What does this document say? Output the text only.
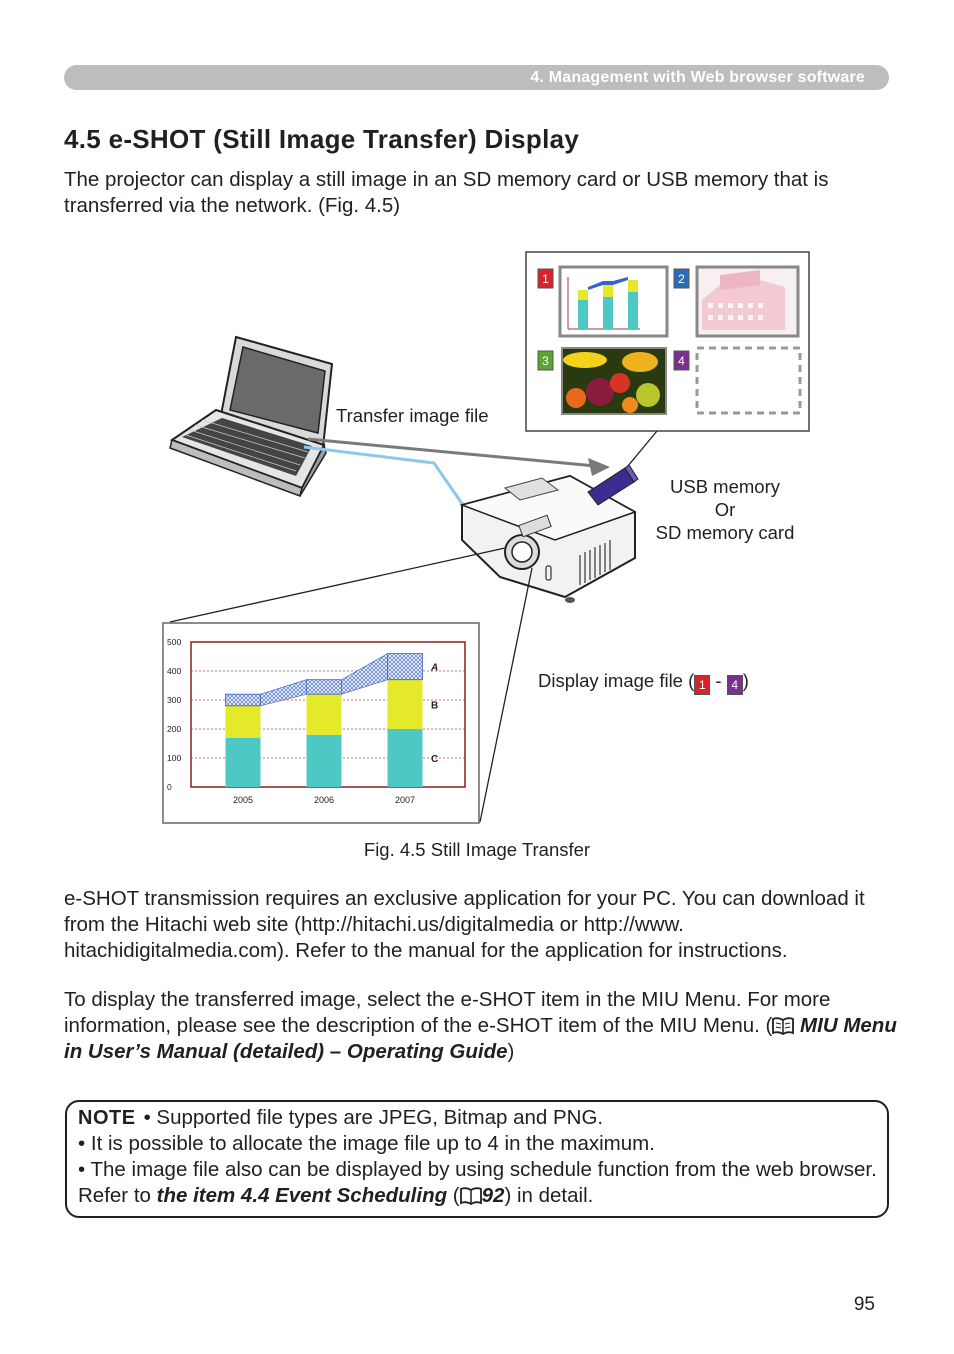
4. Management with Web browser software
4.5 e-SHOT (Still Image Transfer) Display

The projector can display a still image in an SD memory card or USB memory that is transferred via the network. (Fig. 4.5)

1	2
3	4
0
100
200
300
400
500
2005	2006	2007
C
B
A
Transfer image file
USB memory
Or
SD memory card
Display image file ( 1 - 4 )
Fig. 4.5 Still Image Transfer

e-SHOT transmission requires an exclusive application for your PC. You can download it from the Hitachi web site (http://hitachi.us/digitalmedia or http://www. hitachidigitalmedia.com). Refer to the manual for the application for instructions.

To display the transferred image, select the e-SHOT item in the MIU Menu. For more information, please see the description of the e-SHOT item of the MIU Menu. ( MIU Menu in User’s Manual (detailed) – Operating Guide)

NOTE • Supported file types are JPEG, Bitmap and PNG.
• It is possible to allocate the image file up to 4 in the maximum.
• The image file also can be displayed by using schedule function from the web browser. Refer to the item 4.4 Event Scheduling ( 92) in detail.

95
